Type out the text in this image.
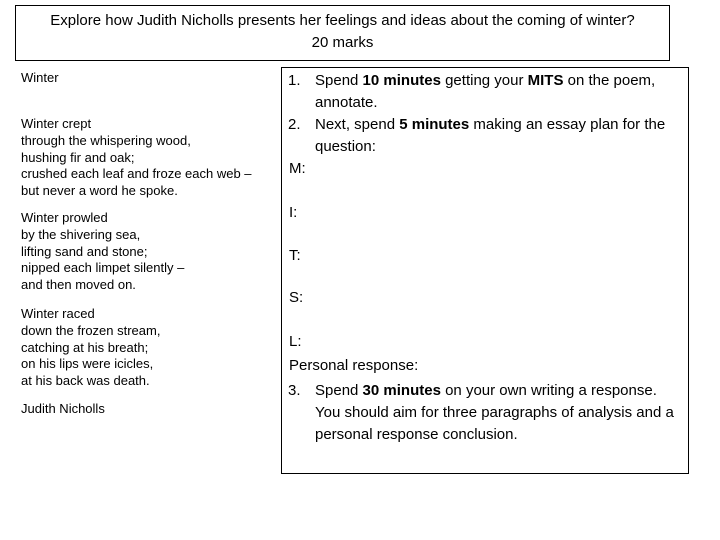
Explore how Judith Nicholls presents her feelings and ideas about the coming of winter?
20 marks
Winter
Winter crept
through the whispering wood,
hushing fir and oak;
crushed each leaf and froze each web –
but never a word he spoke.
Winter prowled
by the shivering sea,
lifting sand and stone;
nipped each limpet silently –
and then moved on.
Winter raced
down the frozen stream,
catching at his breath;
on his lips were icicles,
at his back was death.
Judith Nicholls
1. Spend 10 minutes getting your MITS on the poem, annotate.
2. Next, spend 5 minutes making an essay plan for the question:
M:
I:
T:
S:
L:
Personal response:
3. Spend 30 minutes on your own writing a response. You should aim for three paragraphs of analysis and a personal response conclusion.
